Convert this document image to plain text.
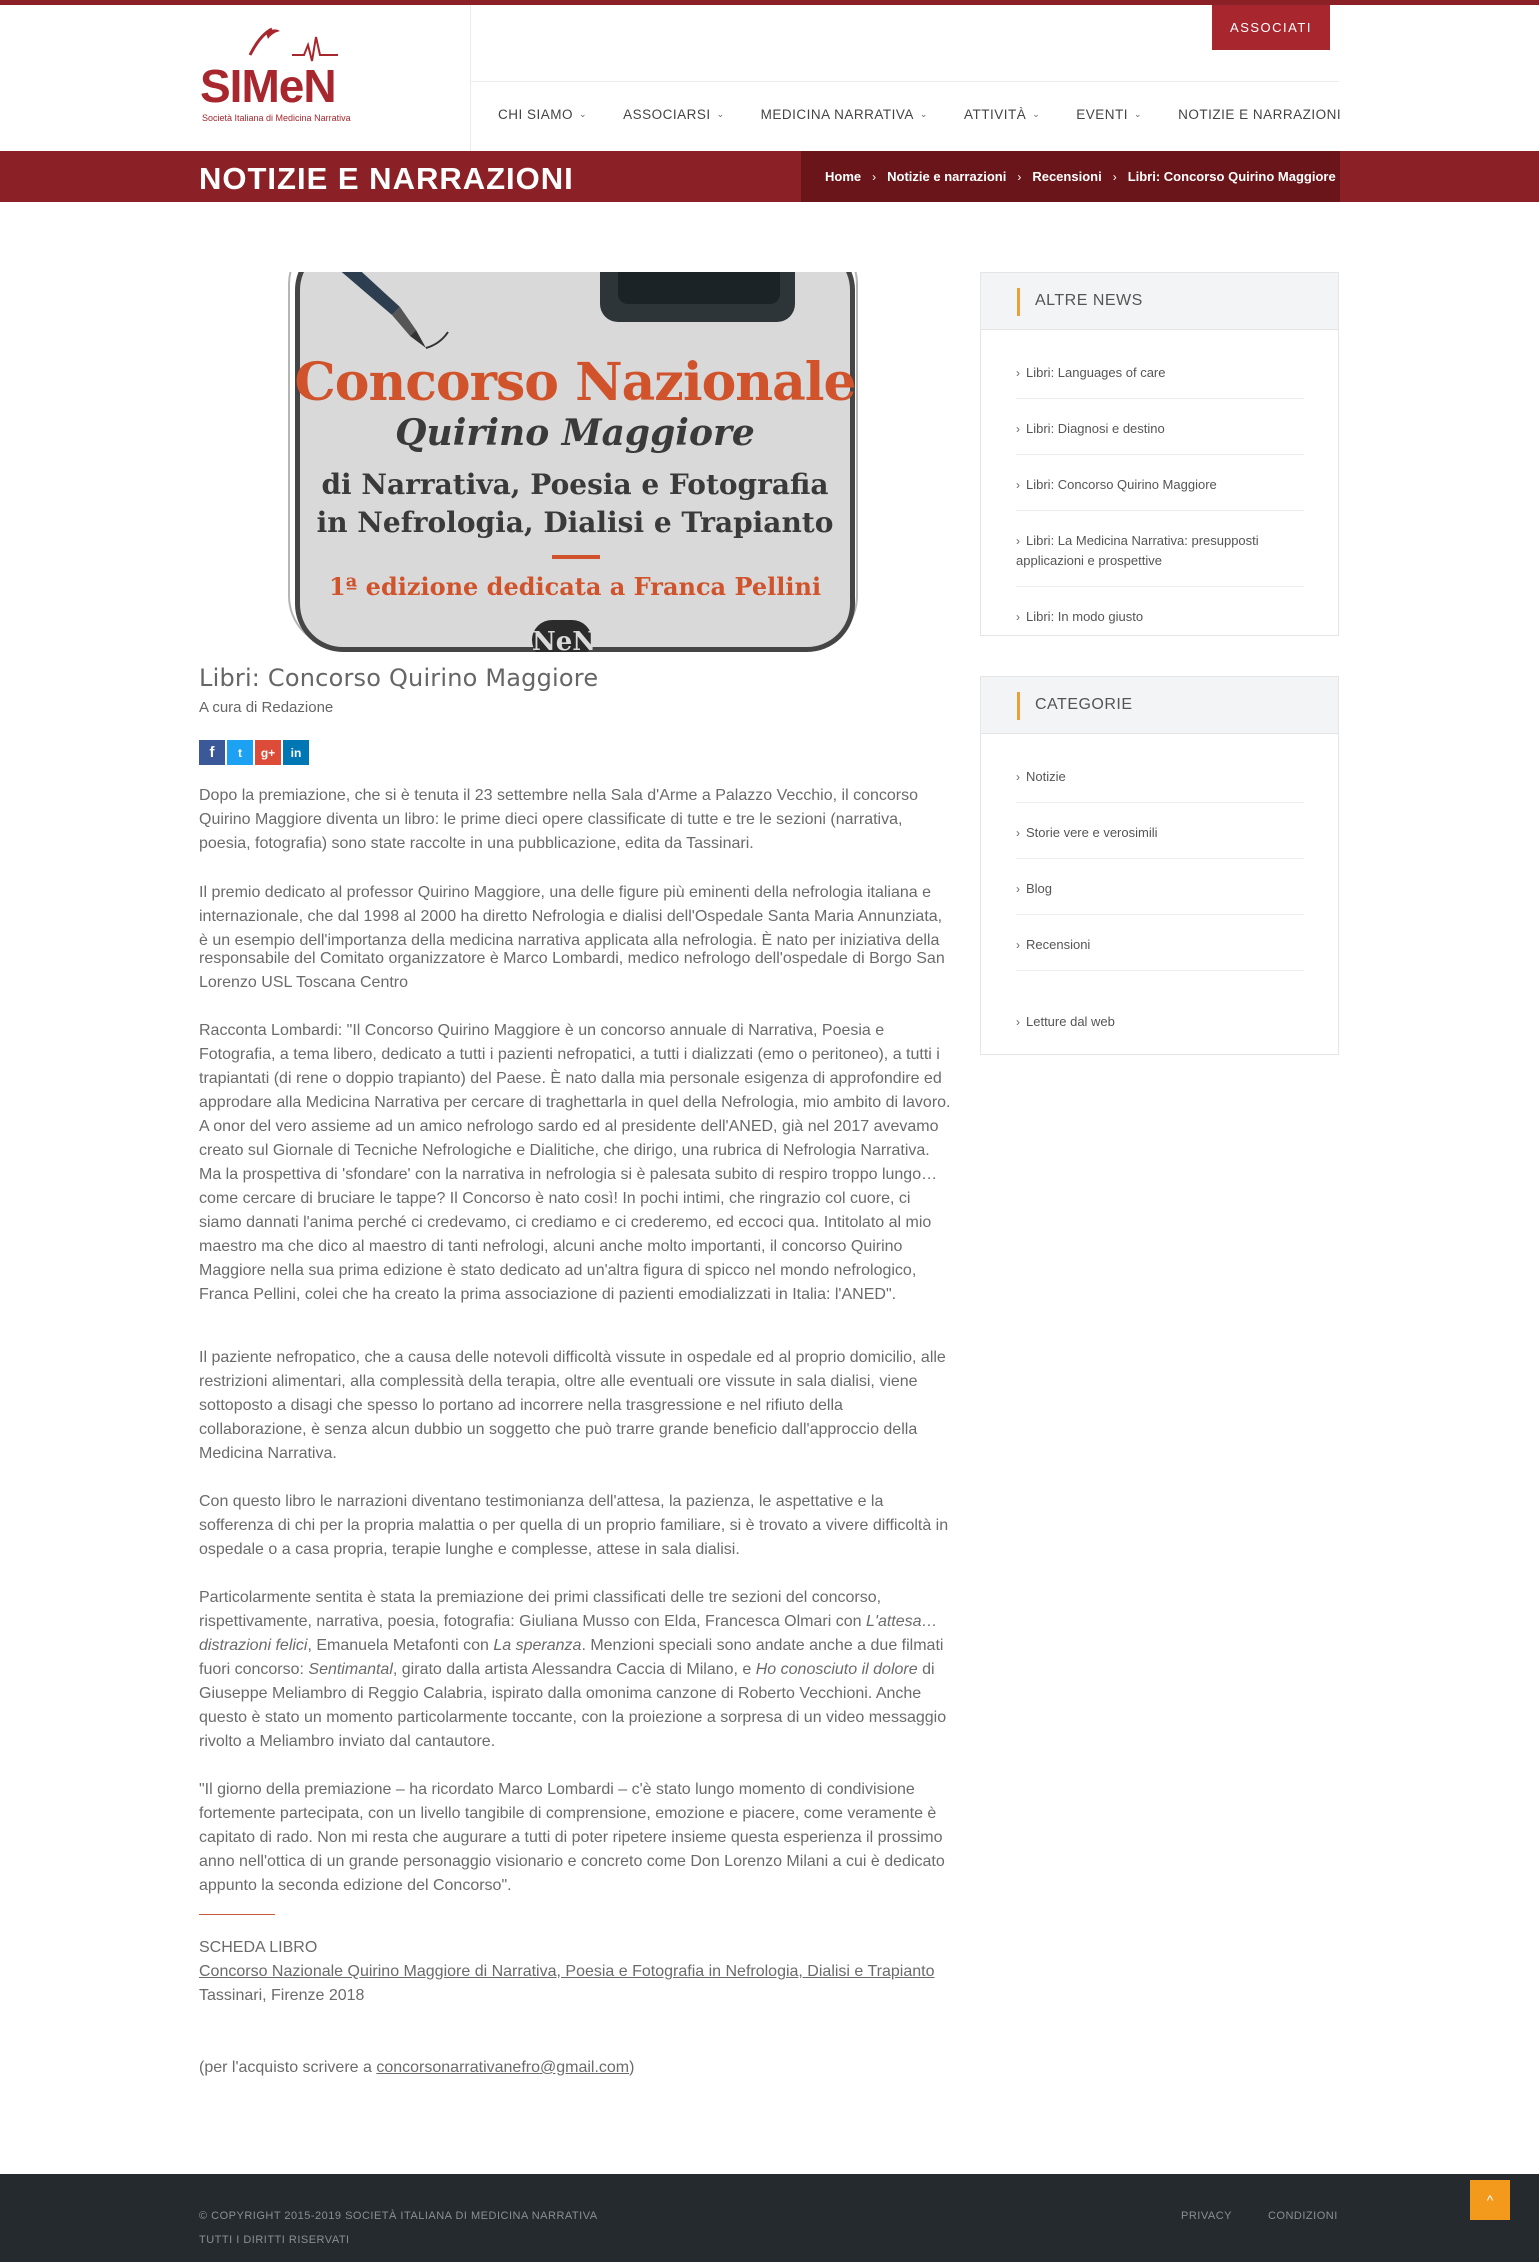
SIMeN
Società Italiana di Medicina Narrativa
ASSOCIATI
CHI SIAMO ⌄	ASSOCIARSI ⌄	MEDICINA NARRATIVA ⌄	ATTIVITÀ ⌄	EVENTI ⌄	NOTIZIE E NARRAZIONI
NOTIZIE E NARRAZIONI	Home › Notizie e narrazioni › Recensioni › Libri: Concorso Quirino Maggiore
Concorso Nazionale
Quirino Maggiore
di Narrativa, Poesia e Fotografia
in Nefrologia, Dialisi e Trapianto
1ª edizione dedicata a Franca Pellini
NeN
Libri: Concorso Quirino Maggiore
A cura di Redazione
f	t	g+	in
Dopo la premiazione, che si è tenuta il 23 settembre nella Sala d'Arme a Palazzo Vecchio, il concorso Quirino Maggiore diventa un libro: le prime dieci opere classificate di tutte e tre le sezioni (narrativa, poesia, fotografia) sono state raccolte in una pubblicazione, edita da Tassinari.
Il premio dedicato al professor Quirino Maggiore, una delle figure più eminenti della nefrologia italiana e internazionale, che dal 1998 al 2000 ha diretto Nefrologia e dialisi dell'Ospedale Santa Maria Annunziata, è un esempio dell'importanza della medicina narrativa applicata alla nefrologia. È nato per iniziativa della
responsabile del Comitato organizzatore è Marco Lombardi, medico nefrologo dell'ospedale di Borgo San Lorenzo USL Toscana Centro
Racconta Lombardi: "Il Concorso Quirino Maggiore è un concorso annuale di Narrativa, Poesia e Fotografia, a tema libero, dedicato a tutti i pazienti nefropatici, a tutti i dializzati (emo o peritoneo), a tutti i trapiantati (di rene o doppio trapianto) del Paese. È nato dalla mia personale esigenza di approfondire ed approdare alla Medicina Narrativa per cercare di traghettarla in quel della Nefrologia, mio ambito di lavoro. A onor del vero assieme ad un amico nefrologo sardo ed al presidente dell'ANED, già nel 2017 avevamo creato sul Giornale di Tecniche Nefrologiche e Dialitiche, che dirigo, una rubrica di Nefrologia Narrativa. Ma la prospettiva di 'sfondare' con la narrativa in nefrologia si è palesata subito di respiro troppo lungo… come cercare di bruciare le tappe? Il Concorso è nato così! In pochi intimi, che ringrazio col cuore, ci siamo dannati l'anima perché ci credevamo, ci crediamo e ci crederemo, ed eccoci qua. Intitolato al mio maestro ma che dico al maestro di tanti nefrologi, alcuni anche molto importanti, il concorso Quirino Maggiore nella sua prima edizione è stato dedicato ad un'altra figura di spicco nel mondo nefrologico, Franca Pellini, colei che ha creato la prima associazione di pazienti emodializzati in Italia: l'ANED".
Il paziente nefropatico, che a causa delle notevoli difficoltà vissute in ospedale ed al proprio domicilio, alle restrizioni alimentari, alla complessità della terapia, oltre alle eventuali ore vissute in sala dialisi, viene sottoposto a disagi che spesso lo portano ad incorrere nella trasgressione e nel rifiuto della collaborazione, è senza alcun dubbio un soggetto che può trarre grande beneficio dall'approccio della Medicina Narrativa.
Con questo libro le narrazioni diventano testimonianza dell'attesa, la pazienza, le aspettative e la sofferenza di chi per la propria malattia o per quella di un proprio familiare, si è trovato a vivere difficoltà in ospedale o a casa propria, terapie lunghe e complesse, attese in sala dialisi.
Particolarmente sentita è stata la premiazione dei primi classificati delle tre sezioni del concorso, rispettivamente, narrativa, poesia, fotografia: Giuliana Musso con Elda, Francesca Olmari con L'attesa…distrazioni felici, Emanuela Metafonti con La speranza. Menzioni speciali sono andate anche a due filmati fuori concorso: Sentimantal, girato dalla artista Alessandra Caccia di Milano, e Ho conosciuto il dolore di Giuseppe Meliambro di Reggio Calabria, ispirato dalla omonima canzone di Roberto Vecchioni. Anche questo è stato un momento particolarmente toccante, con la proiezione a sorpresa di un video messaggio rivolto a Meliambro inviato dal cantautore.
"Il giorno della premiazione – ha ricordato Marco Lombardi – c'è stato lungo momento di condivisione fortemente partecipata, con un livello tangibile di comprensione, emozione e piacere, come veramente è capitato di rado. Non mi resta che augurare a tutti di poter ripetere insieme questa esperienza il prossimo anno nell'ottica di un grande personaggio visionario e concreto come Don Lorenzo Milani a cui è dedicato appunto la seconda edizione del Concorso".
SCHEDA LIBRO
Concorso Nazionale Quirino Maggiore di Narrativa, Poesia e Fotografia in Nefrologia, Dialisi e Trapianto
Tassinari, Firenze 2018
(per l'acquisto scrivere a concorsonarrativanefro@gmail.com)
ALTRE NEWS
› Libri: Languages of care
› Libri: Diagnosi e destino
› Libri: Concorso Quirino Maggiore
› Libri: La Medicina Narrativa: presupposti applicazioni e prospettive
› Libri: In modo giusto
CATEGORIE
› Notizie
› Storie vere e verosimili
› Blog
› Recensioni
› Letture dal web
© COPYRIGHT 2015-2019 SOCIETÀ ITALIANA DI MEDICINA NARRATIVA
TUTTI I DIRITTI RISERVATI
PRIVACY	CONDIZIONI
^
